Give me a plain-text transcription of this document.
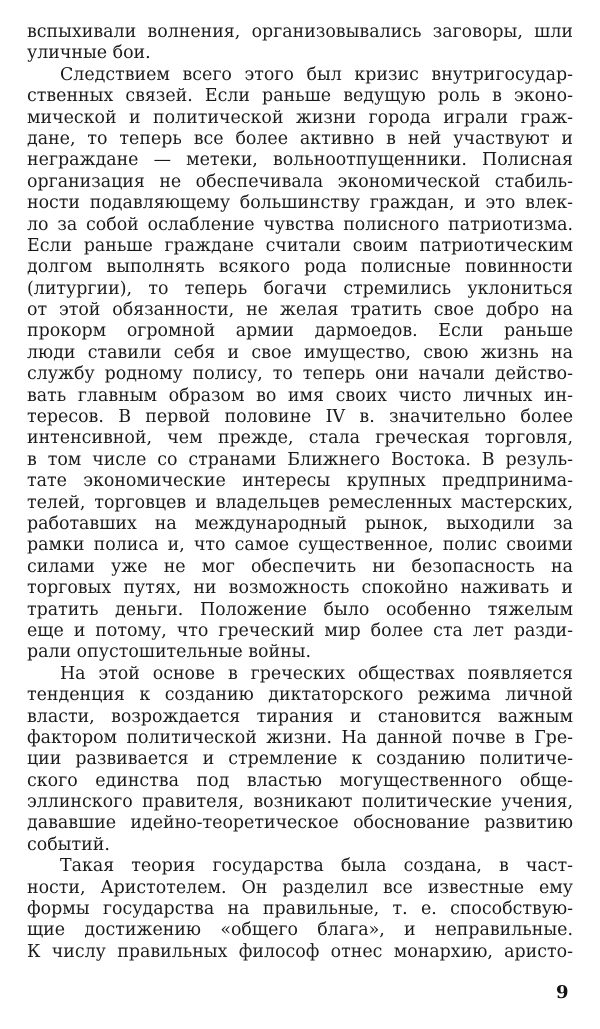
вспыхивали волнения, организовывались заговоры, шли
уличные бои.
Следствием всего этого был кризис внутригосудар-
ственных связей. Если раньше ведущую роль в эконо-
мической и политической жизни города играли граж-
дане, то теперь все более активно в ней участвуют и
неграждане — метеки, вольноотпущенники. Полисная
организация не обеспечивала экономической стабиль-
ности подавляющему большинству граждан, и это влек-
ло за собой ослабление чувства полисного патриотизма.
Если раньше граждане считали своим патриотическим
долгом выполнять всякого рода полисные повинности
(литургии), то теперь богачи стремились уклониться
от этой обязанности, не желая тратить свое добро на
прокорм огромной армии дармоедов. Если раньше
люди ставили себя и свое имущество, свою жизнь на
службу родному полису, то теперь они начали действо-
вать главным образом во имя своих чисто личных ин-
тересов. В первой половине IV в. значительно более
интенсивной, чем прежде, стала греческая торговля,
в том числе со странами Ближнего Востока. В резуль-
тате экономические интересы крупных предпринима-
телей, торговцев и владельцев ремесленных мастерских,
работавших на международный рынок, выходили за
рамки полиса и, что самое существенное, полис своими
силами уже не мог обеспечить ни безопасность на
торговых путях, ни возможность спокойно наживать и
тратить деньги. Положение было особенно тяжелым
еще и потому, что греческий мир более ста лет разди-
рали опустошительные войны.
На этой основе в греческих обществах появляется
тенденция к созданию диктаторского режима личной
власти, возрождается тирания и становится важным
фактором политической жизни. На данной почве в Гре-
ции развивается и стремление к созданию политиче-
ского единства под властью могущественного обще-
эллинского правителя, возникают политические учения,
дававшие идейно-теоретическое обоснование развитию
событий.
Такая теория государства была создана, в част-
ности, Аристотелем. Он разделил все известные ему
формы государства на правильные, т. е. способствую-
щие достижению «общего блага», и неправильные.
К числу правильных философ отнес монархию, аристо-
9
